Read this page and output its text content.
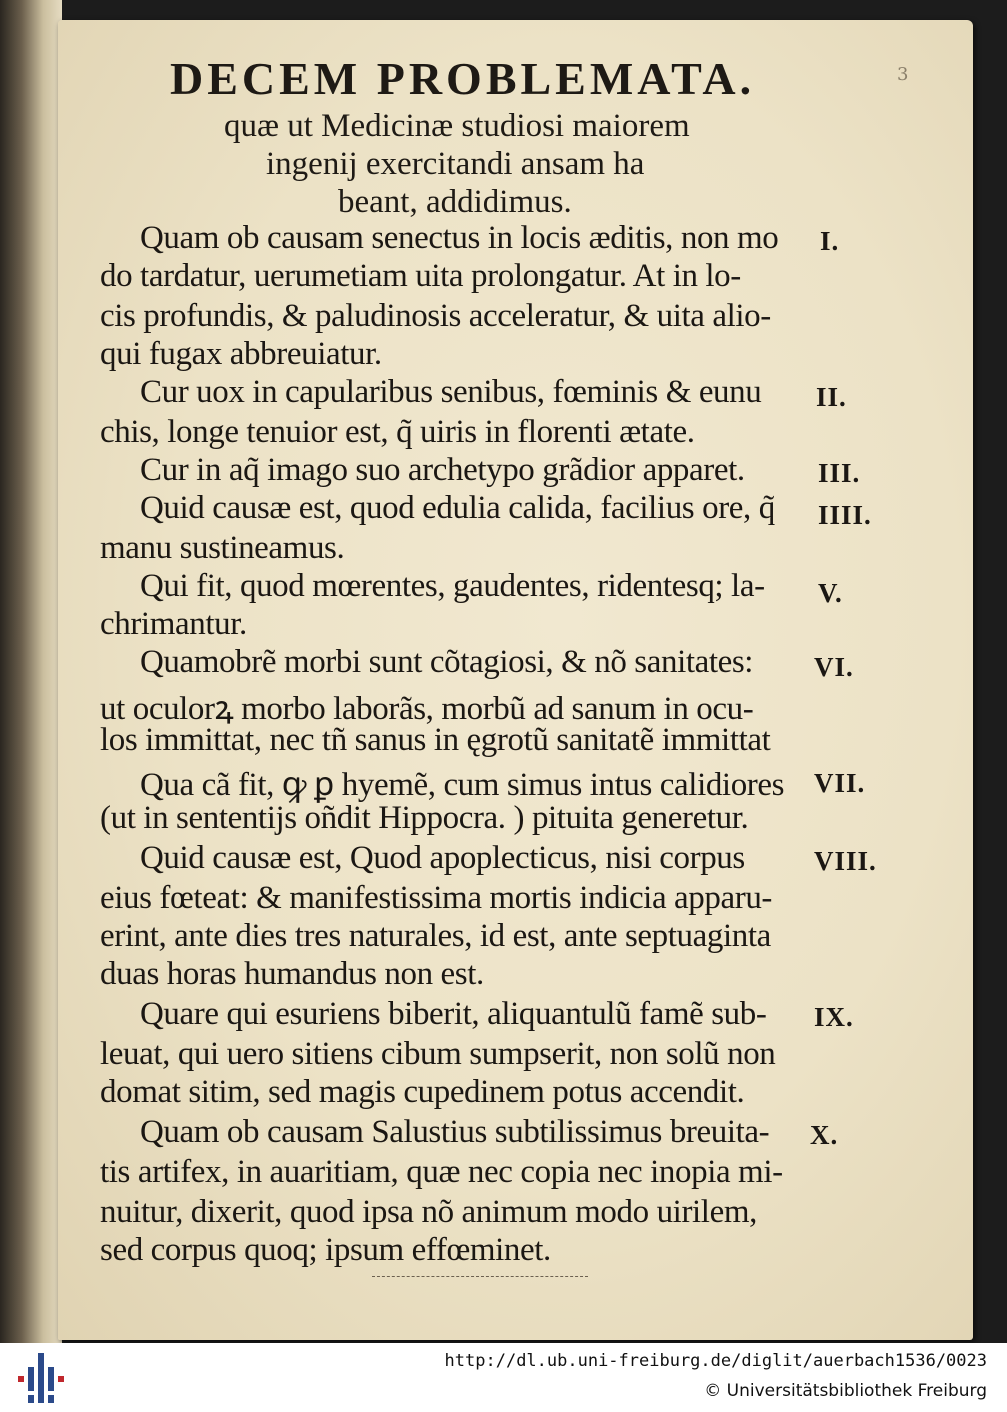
3
DECEM PROBLEMATA.
quæ ut Medicinæ studiosi maiorem
ingenij exercitandi ansam ha
beant, addidimus.
Quam ob causam senectus in locis æditis, non mo
do tardatur, uerumetiam uita prolongatur. At in lo-
cis profundis, & paludinosis acceleratur, & uita alio-
qui fugax abbreuiatur.
Cur uox in capularibus senibus, fœminis & eunu
chis, longe tenuior est, q̃ uiris in florenti ætate.
Cur in aq̃ imago suo archetypo grãdior apparet.
Quid causæ est, quod edulia calida, facilius ore, q̃
manu sustineamus.
Qui fit, quod mœrentes, gaudentes, ridentesq; la-
chrimantur.
Quamobrẽ morbi sunt cõtagiosi, & nõ sanitates:
ut oculorꝝ morbo laborãs, morbũ ad sanum in ocu-
los immittat, nec tñ sanus in ęgrotũ sanitatẽ immittat
Qua cã fit, ꝙ ꝑ hyemẽ, cum simus intus calidiores
(ut in sententijs oñdit Hippocra. ) pituita generetur.
Quid causæ est, Quod apoplecticus, nisi corpus
eius fœteat: & manifestissima mortis indicia apparu-
erint, ante dies tres naturales, id est, ante septuaginta
duas horas humandus non est.
Quare qui esuriens biberit, aliquantulũ famẽ sub-
leuat, qui uero sitiens cibum sumpserit, non solũ non
domat sitim, sed magis cupedinem potus accendit.
Quam ob causam Salustius subtilissimus breuita-
tis artifex, in auaritiam, quæ nec copia nec inopia mi-
nuitur, dixerit, quod ipsa nõ animum modo uirilem,
sed corpus quoq; ipsum effœminet.
I.
II.
III.
IIII.
V.
VI.
VII.
VIII.
IX.
X.
http://dl.ub.uni-freiburg.de/diglit/auerbach1536/0023
© Universitätsbibliothek Freiburg
